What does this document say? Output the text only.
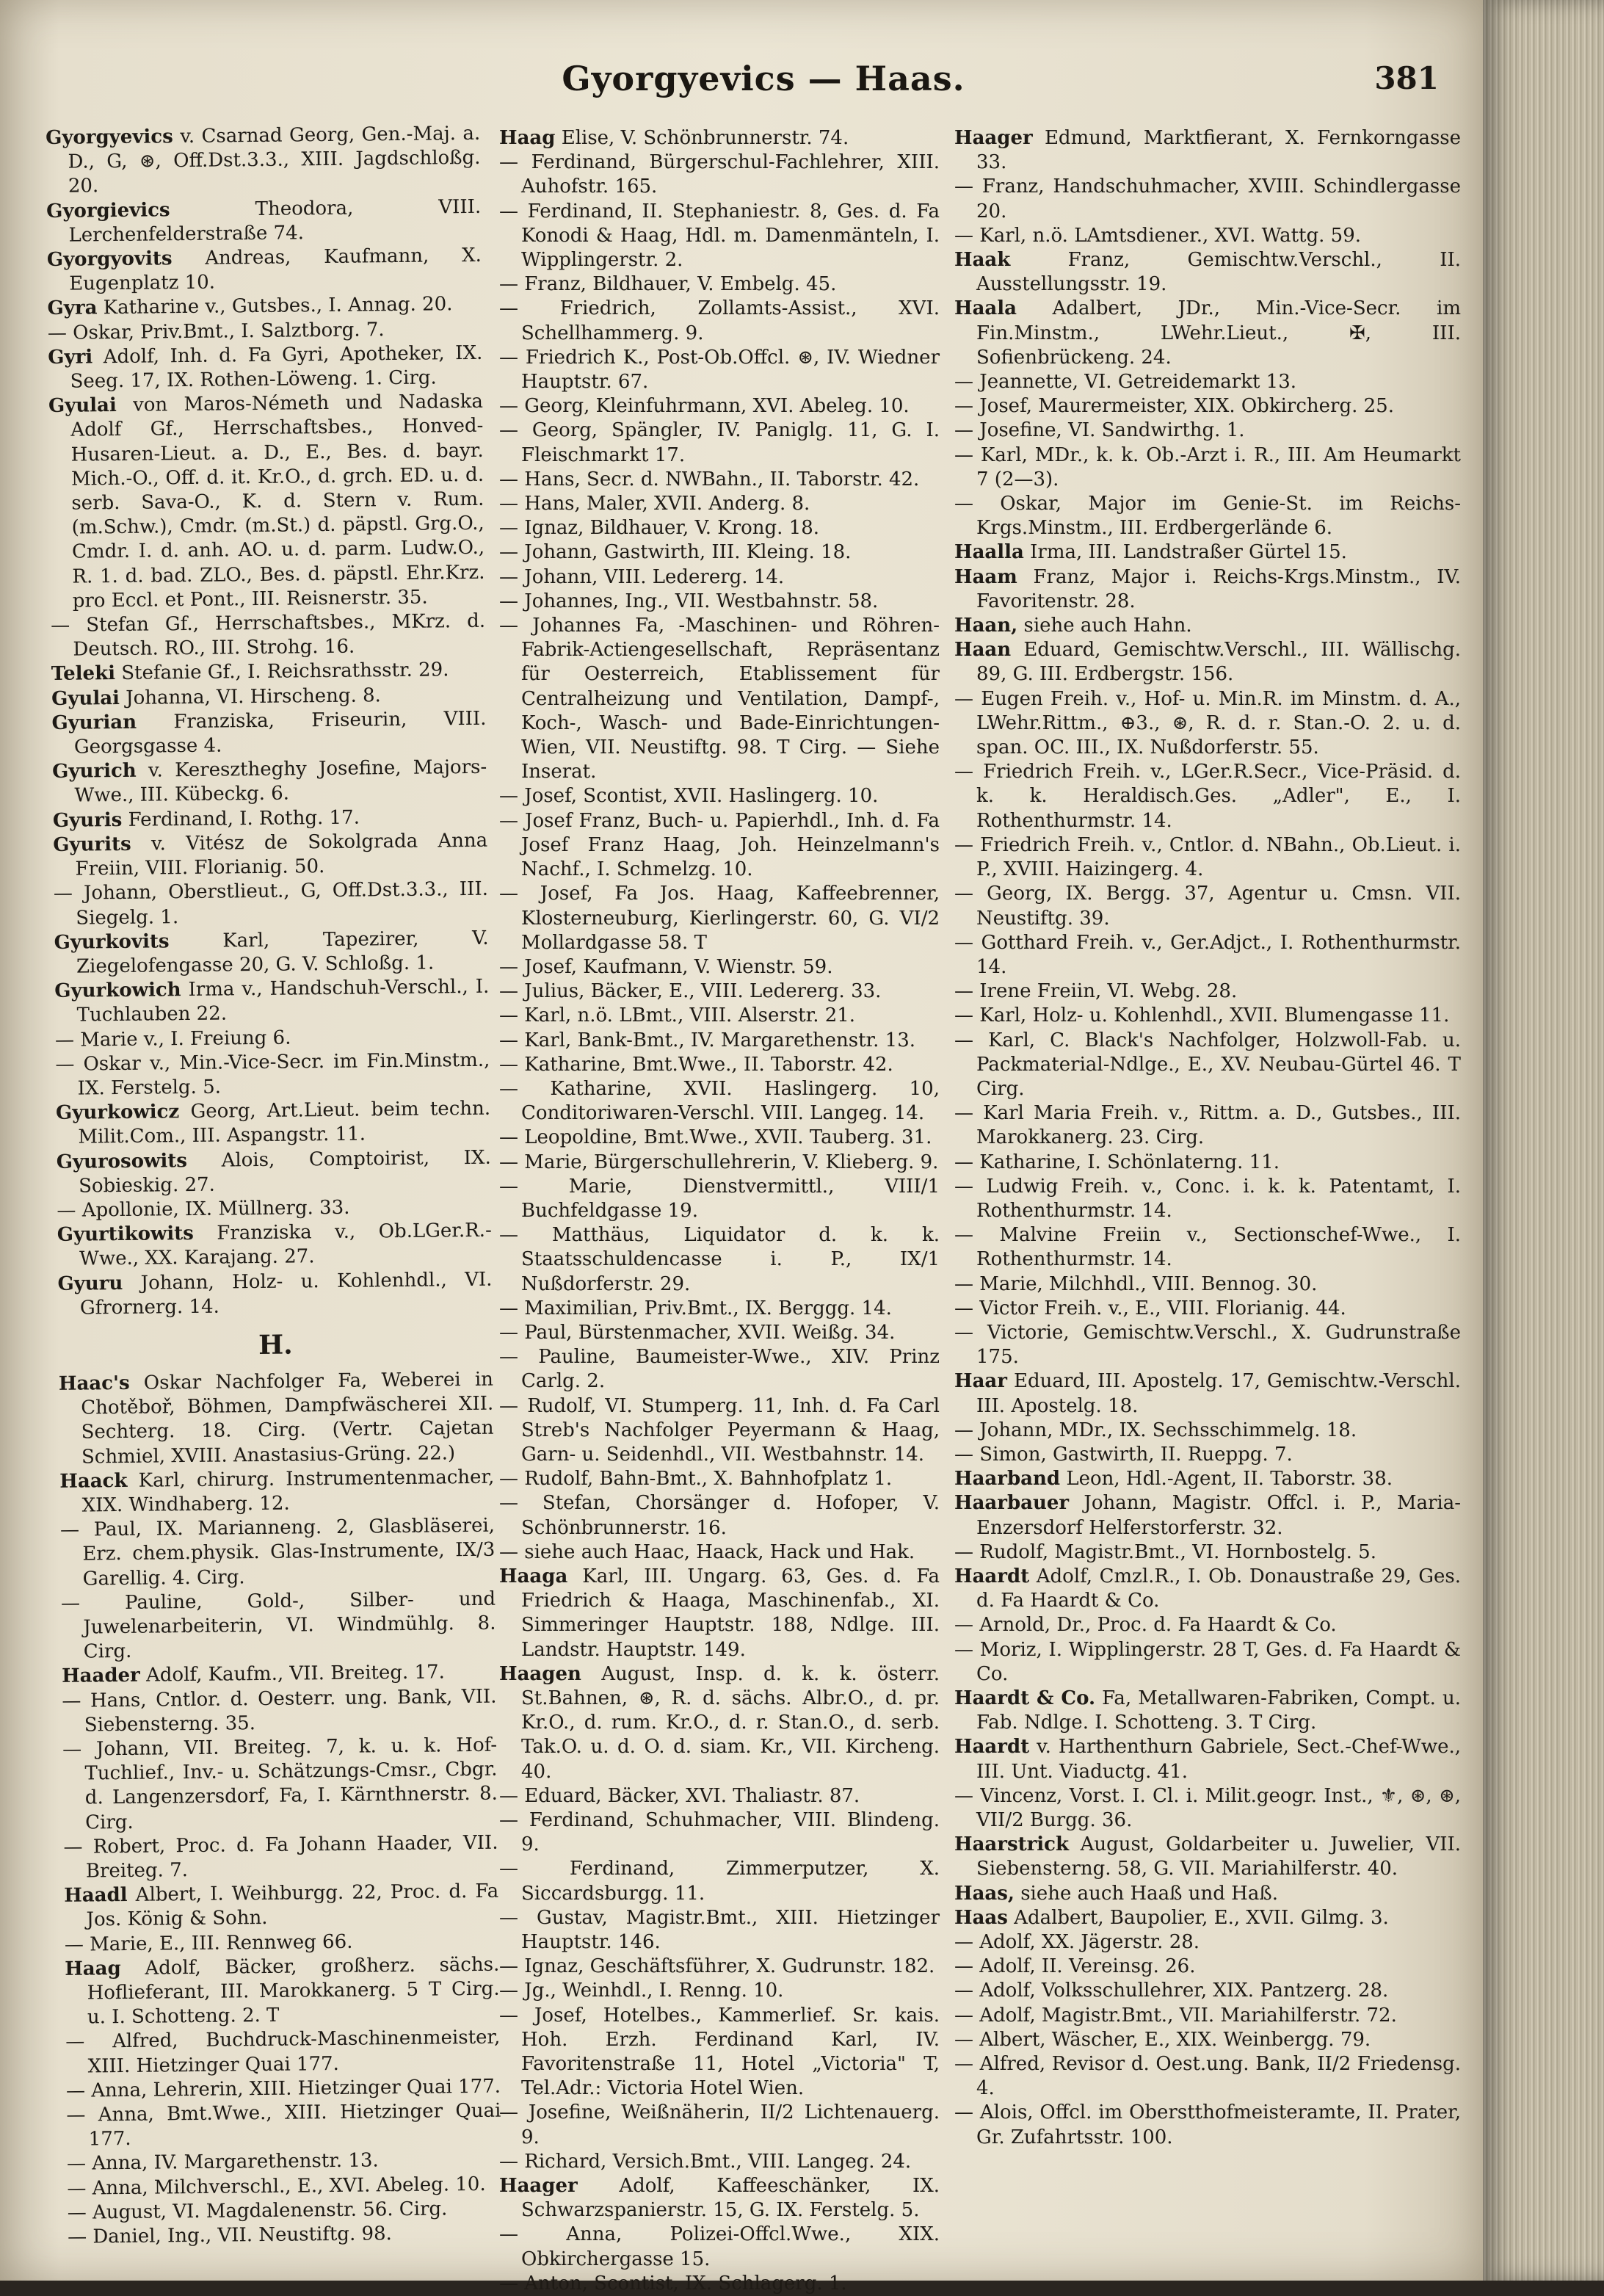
Gyorgyevics — Haas.	381
Gyorgyevics v. Csarnad Georg, Gen.-Maj. a. D., G, ⊛, Off.Dst.3.3., XIII. Jagdschloßg. 20.
Gyorgievics	Theodora, VIII. Lerchenfelderstraße 74.
Gyorgyovits Andreas, Kaufmann, X. Eugenplatz 10.
Gyra Katharine v., Gutsbes., I. Annag. 20.
— Oskar, Priv.Bmt., I. Salztborg. 7.
Gyri Adolf, Inh. d. Fa Gyri, Apotheker, IX. Seeg. 17, IX. Rothen-Löweng. 1. Cirg.
Gyulai von Maros-Németh und Nadaska Adolf Gf., Herrschaftsbes., Honved-Husaren-Lieut. a. D., E., Bes. d. bayr. Mich.-O., Off. d. it. Kr.O., d. grch. ED. u. d. serb. Sava-O., K. d. Stern v. Rum. (m.Schw.), Cmdr. (m.St.) d. päpstl. Grg.O., Cmdr. I. d. anh. AO. u. d. parm. Ludw.O., R. 1. d. bad. ZLO., Bes. d. päpstl. Ehr.Krz. pro Eccl. et Pont., III. Reisnerstr. 35.
— Stefan Gf., Herrschaftsbes., MKrz. d. Deutsch. RO., III. Strohg. 16.
Teleki Stefanie Gf., I. Reichsrathsstr. 29.
Gyulai Johanna, VI. Hirscheng. 8.
Gyurian Franziska, Friseurin, VIII. Georgsgasse 4.
Gyurich v. Keresztheghy Josefine, Majors-Wwe., III. Kübeckg. 6.
Gyuris Ferdinand, I. Rothg. 17.
Gyurits v. Vitész de Sokolgrada Anna Freiin, VIII. Florianig. 50.
— Johann, Oberstlieut., G, Off.Dst.3.3., III. Siegelg. 1.
Gyurkovits	Karl, Tapezirer, V. Ziegelofengasse 20, G. V. Schloßg. 1.
Gyurkowich Irma v., Handschuh-Verschl., I. Tuchlauben 22.
— Marie v., I. Freiung 6.
— Oskar v., Min.-Vice-Secr. im Fin.Minstm., IX. Ferstelg. 5.
Gyurkowicz Georg, Art.Lieut. beim techn. Milit.Com., III. Aspangstr. 11.
Gyurosowits Alois, Comptoirist, IX. Sobieskig. 27.
— Apollonie, IX. Müllnerg. 33.
Gyurtikowits Franziska v., Ob.LGer.R.-Wwe., XX. Karajang. 27.
Gyuru Johann, Holz- u. Kohlenhdl., VI. Gfrornerg. 14.
H.
Haac's Oskar Nachfolger Fa, Weberei in Chotěboř, Böhmen, Dampfwäscherei XII. Sechterg. 18. Cirg. (Vertr. Cajetan Schmiel, XVIII. Anastasius-Grüng. 22.)
Haack Karl, chirurg. Instrumentenmacher, XIX. Windhaberg. 12.
— Paul, IX. Marianneng. 2, Glasbläserei, Erz. chem.physik. Glas-Instrumente, IX/3 Garellig. 4. Cirg.
— Pauline, Gold-, Silber- und Juwelenarbeiterin, VI. Windmühlg. 8. Cirg.
Haader Adolf, Kaufm., VII. Breiteg. 17.
— Hans, Cntlor. d. Oesterr. ung. Bank, VII. Siebensterng. 35.
— Johann, VII. Breiteg. 7, k. u. k. Hof-Tuchlief., Inv.- u. Schätzungs-Cmsr., Cbgr. d. Langenzersdorf, Fa, I. Kärnthnerstr. 8. Cirg.
— Robert, Proc. d. Fa Johann Haader, VII. Breiteg. 7.
Haadl Albert, I. Weihburgg. 22, Proc. d. Fa Jos. König & Sohn.
— Marie, E., III. Rennweg 66.
Haag Adolf, Bäcker, großherz. sächs. Hoflieferant, III. Marokkanerg. 5 T Cirg. u. I. Schotteng. 2. T
— Alfred, Buchdruck-Maschinenmeister, XIII. Hietzinger Quai 177.
— Anna, Lehrerin, XIII. Hietzinger Quai 177.
— Anna, Bmt.Wwe., XIII. Hietzinger Quai 177.
— Anna, IV. Margarethenstr. 13.
— Anna, Milchverschl., E., XVI. Abeleg. 10.
— August, VI. Magdalenenstr. 56. Cirg.
— Daniel, Ing., VII. Neustiftg. 98.
Haag Elise, V. Schönbrunnerstr. 74.
— Ferdinand, Bürgerschul-Fachlehrer, XIII. Auhofstr. 165.
— Ferdinand, II. Stephaniestr. 8, Ges. d. Fa Konodi & Haag, Hdl. m. Damenmänteln, I. Wipplingerstr. 2.
— Franz, Bildhauer, V. Embelg. 45.
— Friedrich, Zollamts-Assist., XVI. Schellhammerg. 9.
— Friedrich K., Post-Ob.Offcl. ⊛, IV. Wiedner Hauptstr. 67.
— Georg, Kleinfuhrmann, XVI. Abeleg. 10.
— Georg, Spängler, IV. Paniglg. 11, G. I. Fleischmarkt 17.
— Hans, Secr. d. NWBahn., II. Taborstr. 42.
— Hans, Maler, XVII. Anderg. 8.
— Ignaz, Bildhauer, V. Krong. 18.
— Johann, Gastwirth, III. Kleing. 18.
— Johann, VIII. Ledererg. 14.
— Johannes, Ing., VII. Westbahnstr. 58.
— Johannes Fa, -Maschinen- und Röhren-Fabrik-Actiengesellschaft, Repräsentanz für Oesterreich, Etablissement für Centralheizung und Ventilation, Dampf-, Koch-, Wasch- und Bade-Einrichtungen- Wien, VII. Neustiftg. 98. T Cirg. — Siehe Inserat.
— Josef, Scontist, XVII. Haslingerg. 10.
— Josef Franz, Buch- u. Papierhdl., Inh. d. Fa Josef Franz Haag, Joh. Heinzelmann's Nachf., I. Schmelzg. 10.
— Josef, Fa Jos. Haag, Kaffeebrenner, Klosterneuburg, Kierlingerstr. 60, G. VI/2 Mollardgasse 58. T
— Josef, Kaufmann, V. Wienstr. 59.
— Julius, Bäcker, E., VIII. Ledererg. 33.
— Karl, n.ö. LBmt., VIII. Alserstr. 21.
— Karl, Bank-Bmt., IV. Margarethenstr. 13.
— Katharine, Bmt.Wwe., II. Taborstr. 42.
— Katharine, XVII. Haslingerg. 10, Conditoriwaren-Verschl. VIII. Langeg. 14.
— Leopoldine, Bmt.Wwe., XVII. Tauberg. 31.
— Marie, Bürgerschullehrerin, V. Klieberg. 9.
— Marie, Dienstvermittl., VIII/1 Buchfeldgasse 19.
— Matthäus, Liquidator d. k. k. Staatsschuldencasse i. P., IX/1 Nußdorferstr. 29.
— Maximilian, Priv.Bmt., IX. Berggg. 14.
— Paul, Bürstenmacher, XVII. Weißg. 34.
— Pauline, Baumeister-Wwe., XIV. Prinz Carlg. 2.
— Rudolf, VI. Stumperg. 11, Inh. d. Fa Carl Streb's Nachfolger Peyermann & Haag, Garn- u. Seidenhdl., VII. Westbahnstr. 14.
— Rudolf, Bahn-Bmt., X. Bahnhofplatz 1.
— Stefan, Chorsänger d. Hofoper, V. Schönbrunnerstr. 16.
— siehe auch Haac, Haack, Hack und Hak.
Haaga Karl, III. Ungarg. 63, Ges. d. Fa Friedrich & Haaga, Maschinenfab., XI. Simmeringer Hauptstr. 188, Ndlge. III. Landstr. Hauptstr. 149.
Haagen August, Insp. d. k. k. österr. St.Bahnen, ⊛, R. d. sächs. Albr.O., d. pr. Kr.O., d. rum. Kr.O., d. r. Stan.O., d. serb. Tak.O. u. d. O. d. siam. Kr., VII. Kircheng. 40.
— Eduard, Bäcker, XVI. Thaliastr. 87.
— Ferdinand, Schuhmacher, VIII. Blindeng. 9.
— Ferdinand, Zimmerputzer, X. Siccardsburgg. 11.
— Gustav, Magistr.Bmt., XIII. Hietzinger Hauptstr. 146.
— Ignaz, Geschäftsführer, X. Gudrunstr. 182.
— Jg., Weinhdl., I. Renng. 10.
— Josef, Hotelbes., Kammerlief. Sr. kais. Hoh. Erzh. Ferdinand Karl, IV. Favoritenstraße 11, Hotel „Victoria" T, Tel.Adr.: Victoria Hotel Wien.
— Josefine, Weißnäherin, II/2 Lichtenauerg. 9.
— Richard, Versich.Bmt., VIII. Langeg. 24.
Haager Adolf, Kaffeeschänker, IX. Schwarzspanierstr. 15, G. IX. Ferstelg. 5.
— Anna, Polizei-Offcl.Wwe., XIX. Obkirchergasse 15.
— Anton, Scontist, IX. Schlagerg. 1.
Haager Edmund, Marktfierant, X. Fernkorngasse 33.
— Franz, Handschuhmacher, XVIII. Schindlergasse 20.
— Karl, n.ö. LAmtsdiener., XVI. Wattg. 59.
Haak	Franz, Gemischtw.Verschl., II. Ausstellungsstr. 19.
Haala Adalbert, JDr., Min.-Vice-Secr. im Fin.Minstm., LWehr.Lieut., ✠, III. Sofienbrückeng. 24.
— Jeannette, VI. Getreidemarkt 13.
— Josef, Maurermeister, XIX. Obkircherg. 25.
— Josefine, VI. Sandwirthg. 1.
— Karl, MDr., k. k. Ob.-Arzt i. R., III. Am Heumarkt 7 (2—3).
— Oskar, Major im Genie-St. im Reichs-Krgs.Minstm., III. Erdbergerlände 6.
Haalla Irma, III. Landstraßer Gürtel 15.
Haam Franz, Major i. Reichs-Krgs.Minstm., IV. Favoritenstr. 28.
Haan, siehe auch Hahn.
Haan Eduard, Gemischtw.Verschl., III. Wällischg. 89, G. III. Erdbergstr. 156.
— Eugen Freih. v., Hof- u. Min.R. im Minstm. d. A., LWehr.Rittm., ⊕3., ⊛, R. d. r. Stan.-O. 2. u. d. span. OC. III., IX. Nußdorferstr. 55.
— Friedrich Freih. v., LGer.R.Secr., Vice-Präsid. d. k. k. Heraldisch.Ges. „Adler", E., I. Rothenthurmstr. 14.
— Friedrich Freih. v., Cntlor. d. NBahn., Ob.Lieut. i. P., XVIII. Haizingerg. 4.
— Georg, IX. Bergg. 37, Agentur u. Cmsn. VII. Neustiftg. 39.
— Gotthard Freih. v., Ger.Adjct., I. Rothenthurmstr. 14.
— Irene Freiin, VI. Webg. 28.
— Karl, Holz- u. Kohlenhdl., XVII. Blumengasse 11.
— Karl, C. Black's Nachfolger, Holzwoll-Fab. u. Packmaterial-Ndlge., E., XV. Neubau-Gürtel 46. T Cirg.
— Karl Maria Freih. v., Rittm. a. D., Gutsbes., III. Marokkanerg. 23. Cirg.
— Katharine, I. Schönlaterng. 11.
— Ludwig Freih. v., Conc. i. k. k. Patentamt, I. Rothenthurmstr. 14.
— Malvine Freiin v., Sectionschef-Wwe., I. Rothenthurmstr. 14.
— Marie, Milchhdl., VIII. Bennog. 30.
— Victor Freih. v., E., VIII. Florianig. 44.
— Victorie, Gemischtw.Verschl., X. Gudrunstraße 175.
Haar Eduard, III. Apostelg. 17, Gemischtw.-Verschl. III. Apostelg. 18.
— Johann, MDr., IX. Sechsschimmelg. 18.
— Simon, Gastwirth, II. Rueppg. 7.
Haarband Leon, Hdl.-Agent, II. Taborstr. 38.
Haarbauer Johann, Magistr. Offcl. i. P., Maria-Enzersdorf Helferstorferstr. 32.
— Rudolf, Magistr.Bmt., VI. Hornbostelg. 5.
Haardt Adolf, Cmzl.R., I. Ob. Donaustraße 29, Ges. d. Fa Haardt & Co.
— Arnold, Dr., Proc. d. Fa Haardt & Co.
— Moriz, I. Wipplingerstr. 28 T, Ges. d. Fa Haardt & Co.
Haardt & Co. Fa, Metallwaren-Fabriken, Compt. u. Fab. Ndlge. I. Schotteng. 3. T Cirg.
Haardt v. Harthenthurn Gabriele, Sect.-Chef-Wwe., III. Unt. Viaductg. 41.
— Vincenz, Vorst. I. Cl. i. Milit.geogr. Inst., ⚜, ⊛, ⊛, VII/2 Burgg. 36.
Haarstrick August, Goldarbeiter u. Juwelier, VII. Siebensterng. 58, G. VII. Mariahilferstr. 40.
Haas, siehe auch Haaß und Haß.
Haas Adalbert, Baupolier, E., XVII. Gilmg. 3.
— Adolf, XX. Jägerstr. 28.
— Adolf, II. Vereinsg. 26.
— Adolf, Volksschullehrer, XIX. Pantzerg. 28.
— Adolf, Magistr.Bmt., VII. Mariahilferstr. 72.
— Albert, Wäscher, E., XIX. Weinbergg. 79.
— Alfred, Revisor d. Oest.ung. Bank, II/2 Friedensg. 4.
— Alois, Offcl. im Oberstthofmeisteramte, II. Prater, Gr. Zufahrtsstr. 100.
